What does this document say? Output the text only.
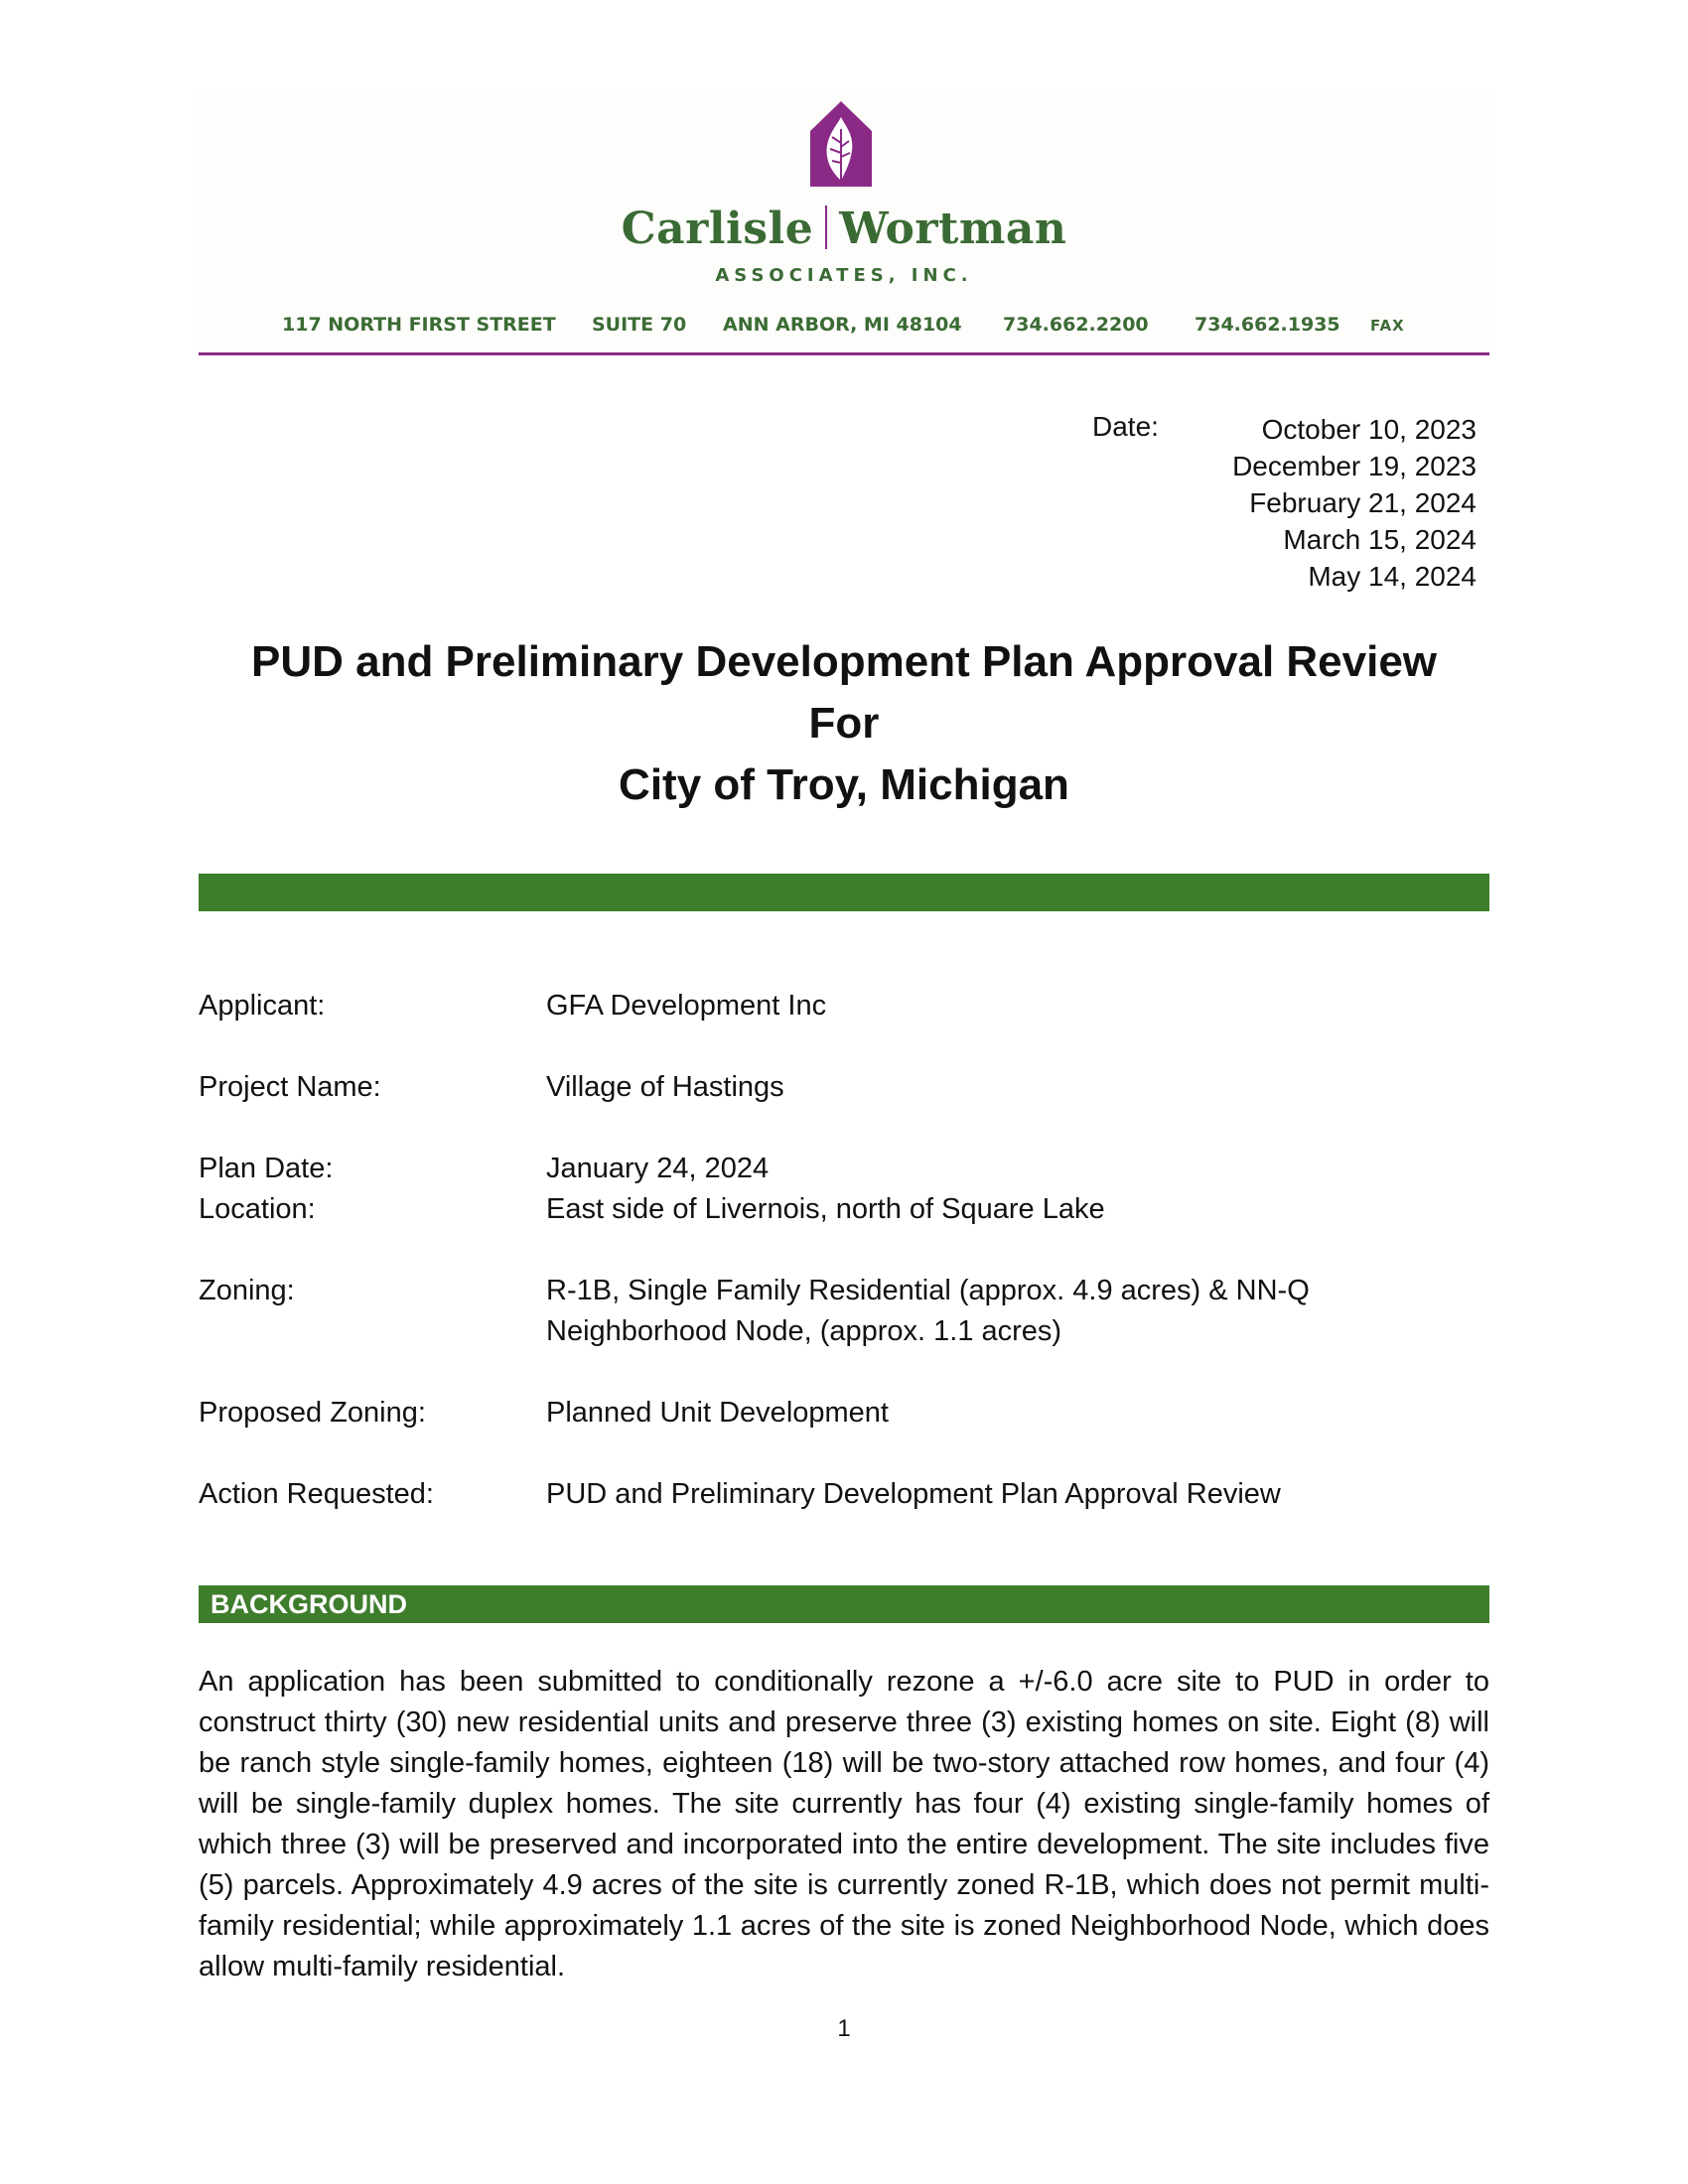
Carlisle Wortman
ASSOCIATES, INC.
117 NORTH FIRST STREET SUITE 70 ANN ARBOR, MI 48104 734.662.2200 734.662.1935 FAX
Date:	October 10, 2023
December 19, 2023
February 21, 2024
March 15, 2024
May 14, 2024
PUD and Preliminary Development Plan Approval Review
For
City of Troy, Michigan
Applicant:	GFA Development Inc
Project Name:	Village of Hastings
Plan Date:	January 24, 2024
Location:	East side of Livernois, north of Square Lake
Zoning:	R-1B, Single Family Residential (approx. 4.9 acres) & NN-Q
Neighborhood Node, (approx. 1.1 acres)
Proposed Zoning:	Planned Unit Development
Action Requested:	PUD and Preliminary Development Plan Approval Review
BACKGROUND
An application has been submitted to conditionally rezone a +/-6.0 acre site to PUD in order to construct thirty (30) new residential units and preserve three (3) existing homes on site. Eight (8) will be ranch style single-family homes, eighteen (18) will be two-story attached row homes, and four (4) will be single-family duplex homes. The site currently has four (4) existing single-family homes of which three (3) will be preserved and incorporated into the entire development. The site includes five (5) parcels. Approximately 4.9 acres of the site is currently zoned R-1B, which does not permit multi-family residential; while approximately 1.1 acres of the site is zoned Neighborhood Node, which does allow multi-family residential.
1
